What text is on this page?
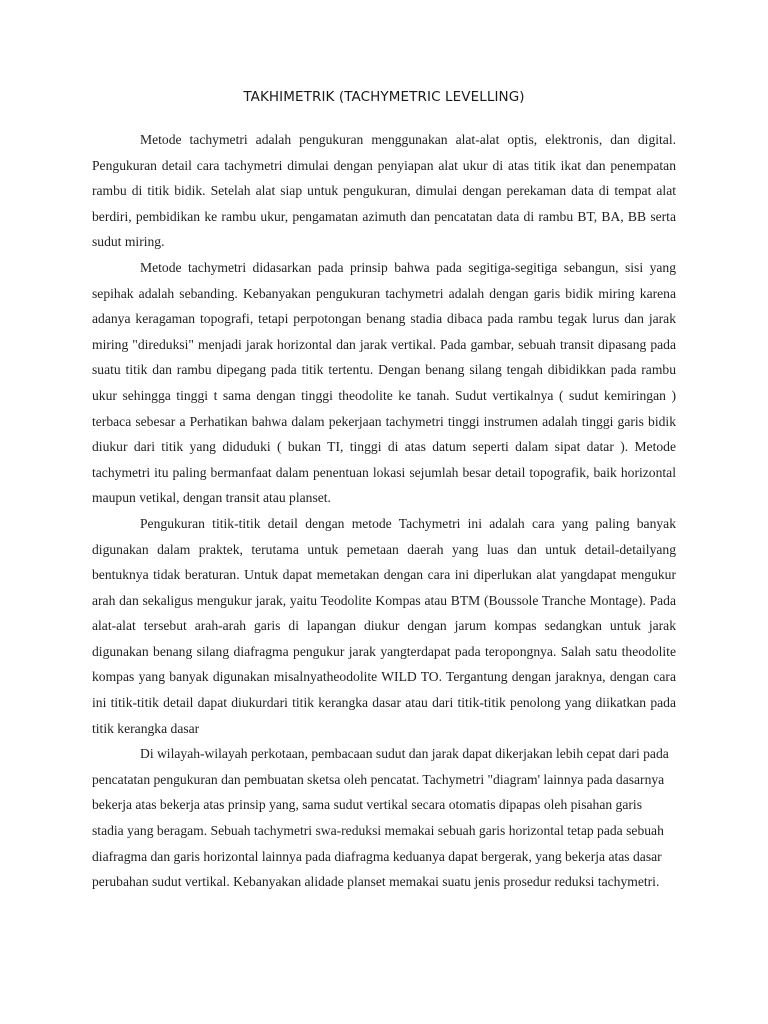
TAKHIMETRIK (TACHYMETRIC LEVELLING)

Metode tachymetri adalah pengukuran menggunakan alat-alat optis, elektronis, dan digital. Pengukuran detail cara tachymetri dimulai dengan penyiapan alat ukur di atas titik ikat dan penempatan rambu di titik bidik. Setelah alat siap untuk pengukuran, dimulai dengan perekaman data di tempat alat berdiri, pembidikan ke rambu ukur, pengamatan azimuth dan pencatatan data di rambu BT, BA, BB serta sudut miring.

Metode tachymetri didasarkan pada prinsip bahwa pada segitiga-segitiga sebangun, sisi yang sepihak adalah sebanding. Kebanyakan pengukuran tachymetri adalah dengan garis bidik miring karena adanya keragaman topografi, tetapi perpotongan benang stadia dibaca pada rambu tegak lurus dan jarak miring "direduksi" menjadi jarak horizontal dan jarak vertikal. Pada gambar, sebuah transit dipasang pada suatu titik dan rambu dipegang pada titik tertentu. Dengan benang silang tengah dibidikkan pada rambu ukur sehingga tinggi t sama dengan tinggi theodolite ke tanah. Sudut vertikalnya ( sudut kemiringan ) terbaca sebesar a Perhatikan bahwa dalam pekerjaan tachymetri tinggi instrumen adalah tinggi garis bidik diukur dari titik yang diduduki ( bukan TI, tinggi di atas datum seperti dalam sipat datar ). Metode tachymetri itu paling bermanfaat dalam penentuan lokasi sejumlah besar detail topografik, baik horizontal maupun vetikal, dengan transit atau planset.

Pengukuran titik-titik detail dengan metode Tachymetri ini adalah cara yang paling banyak digunakan dalam praktek, terutama untuk pemetaan daerah yang luas dan untuk detail-detailyang bentuknya tidak beraturan. Untuk dapat memetakan dengan cara ini diperlukan alat yangdapat mengukur arah dan sekaligus mengukur jarak, yaitu Teodolite Kompas atau BTM (Boussole Tranche Montage). Pada alat-alat tersebut arah-arah garis di lapangan diukur dengan jarum kompas sedangkan untuk jarak digunakan benang silang diafragma pengukur jarak yangterdapat pada teropongnya. Salah satu theodolite kompas yang banyak digunakan misalnyatheodolite WILD TO. Tergantung dengan jaraknya, dengan cara ini titik-titik detail dapat diukurdari titik kerangka dasar atau dari titik-titik penolong yang diikatkan pada titik kerangka dasar

Di wilayah-wilayah perkotaan, pembacaan sudut dan jarak dapat dikerjakan lebih cepat dari pada pencatatan pengukuran dan pembuatan sketsa oleh pencatat. Tachymetri "diagram' lainnya pada dasarnya bekerja atas bekerja atas prinsip yang, sama sudut vertikal secara otomatis dipapas oleh pisahan garis stadia yang beragam. Sebuah tachymetri swa-reduksi memakai sebuah garis horizontal tetap pada sebuah diafragma dan garis horizontal lainnya pada diafragma keduanya dapat bergerak, yang bekerja atas dasar perubahan sudut vertikal. Kebanyakan alidade planset memakai suatu jenis prosedur reduksi tachymetri.
